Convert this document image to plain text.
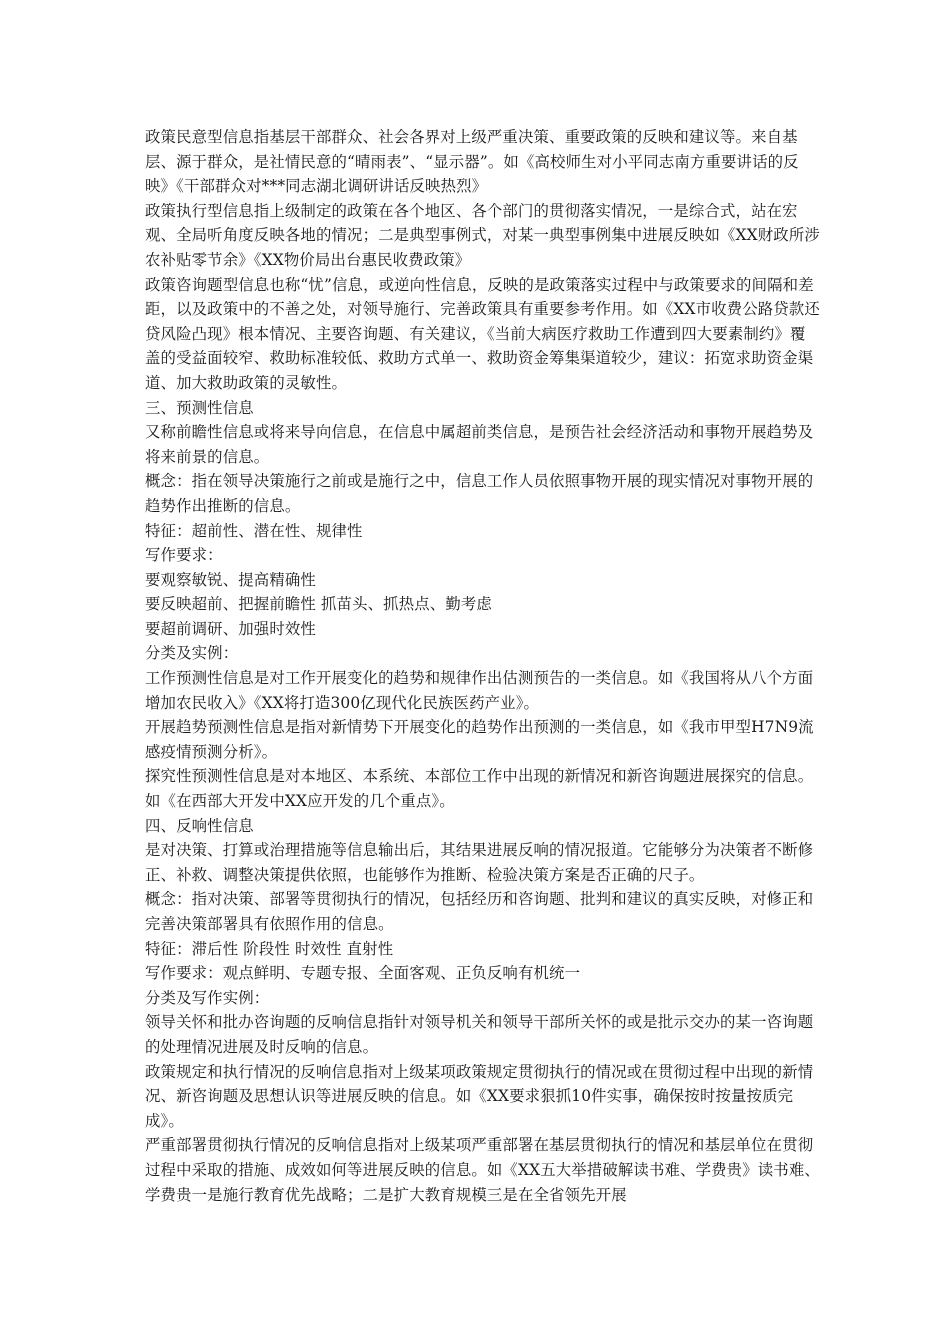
政策民意型信息指基层干部群众、社会各界对上级严重决策、重要政策的反映和建议等。来自基层、源于群众，是社情民意的“晴雨表”、“显示器”。如《高校师生对小平同志南方重要讲话的反映》《干部群众对***同志湖北调研讲话反映热烈》

政策执行型信息指上级制定的政策在各个地区、各个部门的贯彻落实情况，一是综合式，站在宏观、全局听角度反映各地的情况；二是典型事例式，对某一典型事例集中进展反映如《XX财政所涉农补贴零节余》《XX物价局出台惠民收费政策》

政策咨询题型信息也称“忧”信息，或逆向性信息，反映的是政策落实过程中与政策要求的间隔和差距，以及政策中的不善之处，对领导施行、完善政策具有重要参考作用。如《XX市收费公路贷款还贷风险凸现》根本情况、主要咨询题、有关建议，《当前大病医疗救助工作遭到四大要素制约》覆盖的受益面较窄、救助标准较低、救助方式单一、救助资金筹集渠道较少，建议：拓宽求助资金渠道、加大救助政策的灵敏性。

三、预测性信息

又称前瞻性信息或将来导向信息，在信息中属超前类信息，是预告社会经济活动和事物开展趋势及将来前景的信息。

概念：指在领导决策施行之前或是施行之中，信息工作人员依照事物开展的现实情况对事物开展的趋势作出推断的信息。

特征：超前性、潜在性、规律性

写作要求：

要观察敏锐、提高精确性

要反映超前、把握前瞻性 抓苗头、抓热点、勤考虑

要超前调研、加强时效性

分类及实例：

工作预测性信息是对工作开展变化的趋势和规律作出估测预告的一类信息。如《我国将从八个方面增加农民收入》《XX将打造300亿现代化民族医药产业》。

开展趋势预测性信息是指对新情势下开展变化的趋势作出预测的一类信息，如《我市甲型H7N9流感疫情预测分析》。

探究性预测性信息是对本地区、本系统、本部位工作中出现的新情况和新咨询题进展探究的信息。如《在西部大开发中XX应开发的几个重点》。

四、反响性信息

是对决策、打算或治理措施等信息输出后，其结果进展反响的情况报道。它能够分为决策者不断修正、补救、调整决策提供依照，也能够作为推断、检验决策方案是否正确的尺子。

概念：指对决策、部署等贯彻执行的情况，包括经历和咨询题、批判和建议的真实反映，对修正和完善决策部署具有依照作用的信息。

特征：滞后性 阶段性 时效性 直射性

写作要求：观点鲜明、专题专报、全面客观、正负反响有机统一

分类及写作实例：

领导关怀和批办咨询题的反响信息指针对领导机关和领导干部所关怀的或是批示交办的某一咨询题的处理情况进展及时反响的信息。

政策规定和执行情况的反响信息指对上级某项政策规定贯彻执行的情况或在贯彻过程中出现的新情况、新咨询题及思想认识等进展反映的信息。如《XX要求狠抓10件实事，确保按时按量按质完成》。

严重部署贯彻执行情况的反响信息指对上级某项严重部署在基层贯彻执行的情况和基层单位在贯彻过程中采取的措施、成效如何等进展反映的信息。如《XX五大举措破解读书难、学费贵》读书难、学费贵一是施行教育优先战略；二是扩大教育规模三是在全省领先开展
